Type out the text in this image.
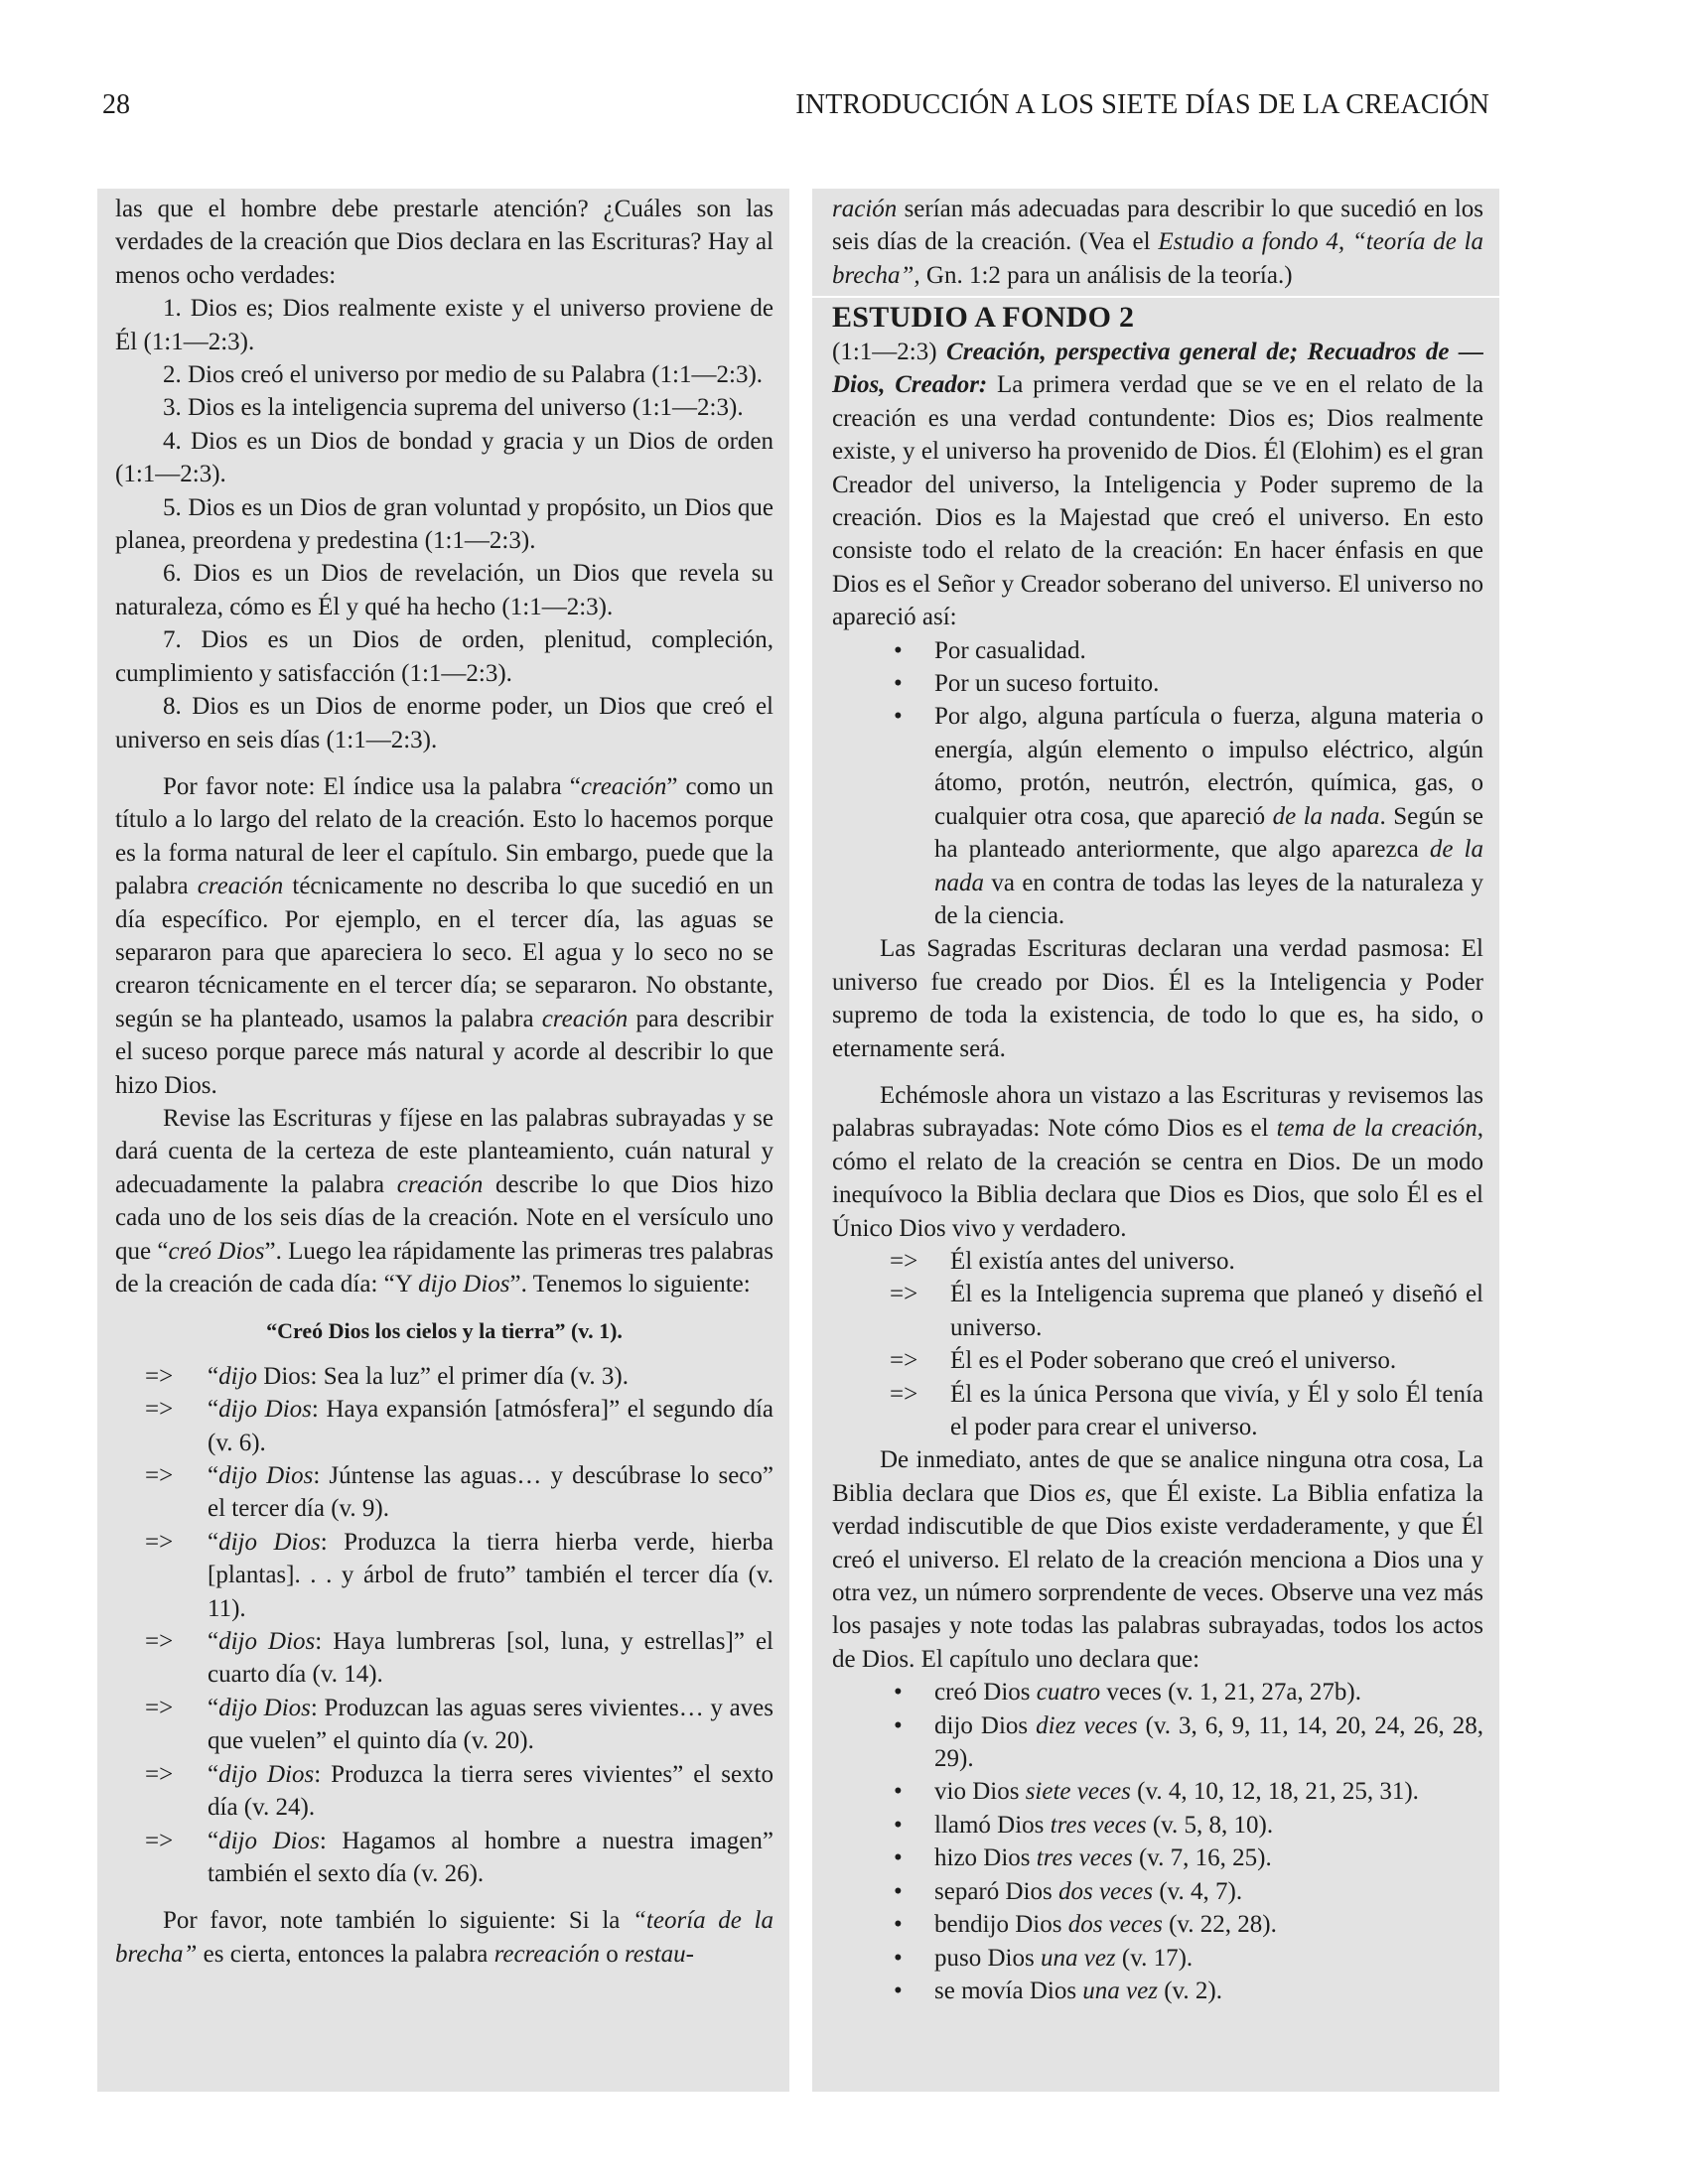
28	INTRODUCCIÓN A LOS SIETE DÍAS DE LA CREACIÓN

las que el hombre debe prestarle atención? ¿Cuáles son las verdades de la creación que Dios declara en las Escrituras? Hay al menos ocho verdades:

1. Dios es; Dios realmente existe y el universo proviene de Él (1:1—2:3).

2. Dios creó el universo por medio de su Palabra (1:1—2:3).

3. Dios es la inteligencia suprema del universo (1:1—2:3).

4. Dios es un Dios de bondad y gracia y un Dios de orden (1:1—2:3).

5. Dios es un Dios de gran voluntad y propósito, un Dios que planea, preordena y predestina (1:1—2:3).

6. Dios es un Dios de revelación, un Dios que revela su naturaleza, cómo es Él y qué ha hecho (1:1—2:3).

7. Dios es un Dios de orden, plenitud, compleción, cumplimiento y satisfacción (1:1—2:3).

8. Dios es un Dios de enorme poder, un Dios que creó el universo en seis días (1:1—2:3).

Por favor note: El índice usa la palabra “creación” como un título a lo largo del relato de la creación. Esto lo hacemos porque es la forma natural de leer el capítulo. Sin embargo, puede que la palabra creación técnicamente no describa lo que sucedió en un día específico. Por ejemplo, en el tercer día, las aguas se separaron para que apareciera lo seco. El agua y lo seco no se crearon técnicamente en el tercer día; se separaron. No obstante, según se ha planteado, usamos la palabra creación para describir el suceso porque parece más natural y acorde al describir lo que hizo Dios.

Revise las Escrituras y fíjese en las palabras subrayadas y se dará cuenta de la certeza de este planteamiento, cuán natural y adecuadamente la palabra creación describe lo que Dios hizo cada uno de los seis días de la creación. Note en el versículo uno que “creó Dios”. Luego lea rápidamente las primeras tres palabras de la creación de cada día: “Y dijo Dios”. Tenemos lo siguiente:

“Creó Dios los cielos y la tierra” (v. 1).

=>	“dijo Dios: Sea la luz” el primer día (v. 3).
=>	“dijo Dios: Haya expansión [atmósfera]” el segundo día (v. 6).
=>	“dijo Dios: Júntense las aguas… y descúbrase lo seco” el tercer día (v. 9).
=>	“dijo Dios: Produzca la tierra hierba verde, hierba [plantas]. . . y árbol de fruto” también el tercer día (v. 11).
=>	“dijo Dios: Haya lumbreras [sol, luna, y estrellas]” el cuarto día (v. 14).
=>	“dijo Dios: Produzcan las aguas seres vivientes… y aves que vuelen” el quinto día (v. 20).
=>	“dijo Dios: Produzca la tierra seres vivientes” el sexto día (v. 24).
=>	“dijo Dios: Hagamos al hombre a nuestra imagen” también el sexto día (v. 26).

Por favor, note también lo siguiente: Si la “teoría de la brecha” es cierta, entonces la palabra recreación o restau-

ración serían más adecuadas para describir lo que sucedió en los seis días de la creación. (Vea el Estudio a fondo 4, “teoría de la brecha”, Gn. 1:2 para un análisis de la teoría.)

ESTUDIO A FONDO 2

(1:1—2:3) Creación, perspectiva general de; Recuadros de — Dios, Creador: La primera verdad que se ve en el relato de la creación es una verdad contundente: Dios es; Dios realmente existe, y el universo ha provenido de Dios. Él (Elohim) es el gran Creador del universo, la Inteligencia y Poder supremo de la creación. Dios es la Majestad que creó el universo. En esto consiste todo el relato de la creación: En hacer énfasis en que Dios es el Señor y Creador soberano del universo. El universo no apareció así:

•	Por casualidad.
•	Por un suceso fortuito.
•	Por algo, alguna partícula o fuerza, alguna materia o energía, algún elemento o impulso eléctrico, algún átomo, protón, neutrón, electrón, química, gas, o cualquier otra cosa, que apareció de la nada. Según se ha planteado anteriormente, que algo aparezca de la nada va en contra de todas las leyes de la naturaleza y de la ciencia.

Las Sagradas Escrituras declaran una verdad pasmosa: El universo fue creado por Dios. Él es la Inteligencia y Poder supremo de toda la existencia, de todo lo que es, ha sido, o eternamente será.

Echémosle ahora un vistazo a las Escrituras y revisemos las palabras subrayadas: Note cómo Dios es el tema de la creación, cómo el relato de la creación se centra en Dios. De un modo inequívoco la Biblia declara que Dios es Dios, que solo Él es el Único Dios vivo y verdadero.

=>	Él existía antes del universo.
=>	Él es la Inteligencia suprema que planeó y diseñó el universo.
=>	Él es el Poder soberano que creó el universo.
=>	Él es la única Persona que vivía, y Él y solo Él tenía el poder para crear el universo.

De inmediato, antes de que se analice ninguna otra cosa, La Biblia declara que Dios es, que Él existe. La Biblia enfatiza la verdad indiscutible de que Dios existe verdaderamente, y que Él creó el universo. El relato de la creación menciona a Dios una y otra vez, un número sorprendente de veces. Observe una vez más los pasajes y note todas las palabras subrayadas, todos los actos de Dios. El capítulo uno declara que:

•	creó Dios cuatro veces (v. 1, 21, 27a, 27b).
•	dijo Dios diez veces (v. 3, 6, 9, 11, 14, 20, 24, 26, 28, 29).
•	vio Dios siete veces (v. 4, 10, 12, 18, 21, 25, 31).
•	llamó Dios tres veces (v. 5, 8, 10).
•	hizo Dios tres veces (v. 7, 16, 25).
•	separó Dios dos veces (v. 4, 7).
•	bendijo Dios dos veces (v. 22, 28).
•	puso Dios una vez (v. 17).
•	se movía Dios una vez (v. 2).
